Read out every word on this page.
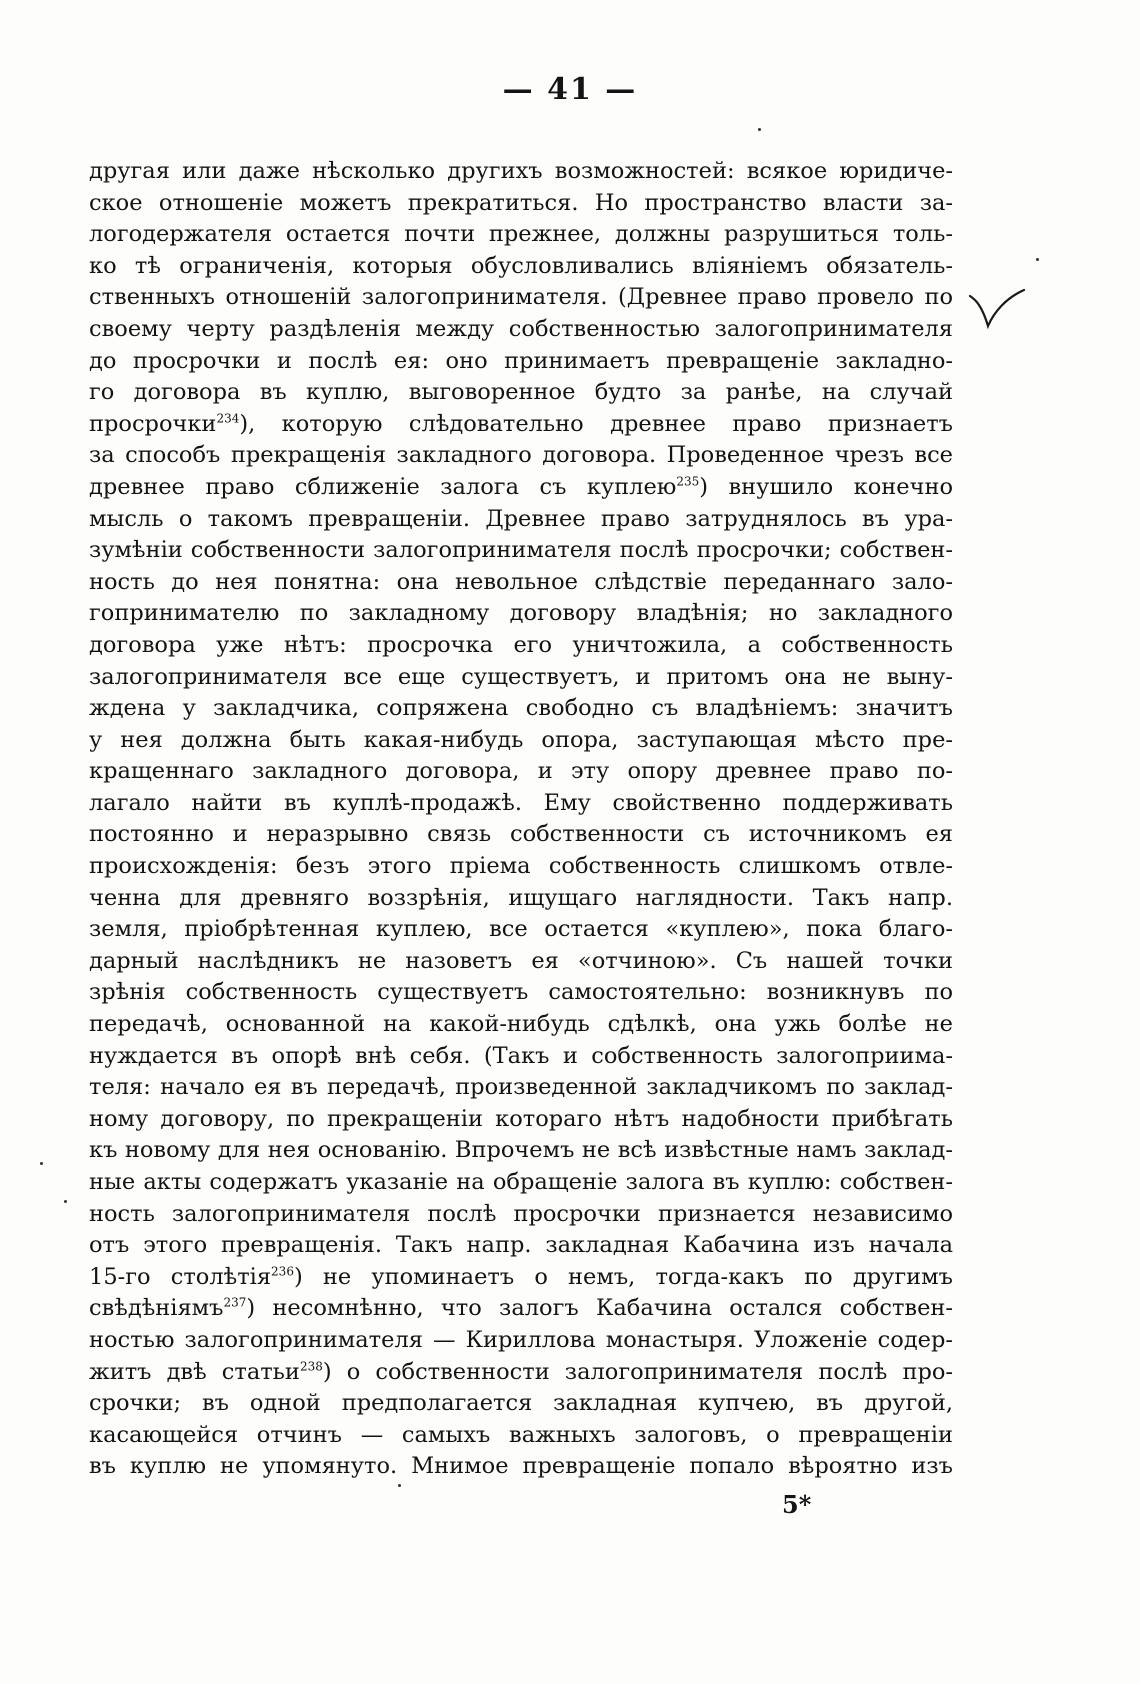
— 41 —
другая или даже нѣсколько другихъ возможностей: всякое юридиче-
ское отношеніе можетъ прекратиться. Но пространство власти за-
логодержателя остается почти прежнее, должны разрушиться толь-
ко тѣ ограниченія, которыя обусловливались вліяніемъ обязатель-
ственныхъ отношеній залогопринимателя. (Древнее право провело по
своему черту раздѣленія между собственностью залогопринимателя
до просрочки и послѣ ея: оно принимаетъ превращеніе закладно-
го договора въ куплю, выговоренное будто за ранѣе, на случай
просрочки$^{234}$), которую слѣдовательно древнее право признаетъ
за способъ прекращенія закладного договора. Проведенное чрезъ все
древнее право сближеніе залога съ куплею$^{235}$) внушило конечно
мысль о такомъ превращеніи. Древнее право затруднялось въ ура-
зумѣніи собственности залогопринимателя послѣ просрочки; собствен-
ность до нея понятна: она невольное слѣдствіе переданнаго зало-
гопринимателю по закладному договору владѣнія; но закладного
договора уже нѣтъ: просрочка его уничтожила, а собственность
залогопринимателя все еще существуетъ, и притомъ она не выну-
ждена у закладчика, сопряжена свободно съ владѣніемъ: значитъ
у нея должна быть какая-нибудь опора, заступающая мѣсто пре-
кращеннаго закладного договора, и эту опору древнее право по-
лагало найти въ куплѣ-продажѣ. Ему свойственно поддерживать
постоянно и неразрывно связь собственности съ источникомъ ея
происхожденія: безъ этого пріема собственность слишкомъ отвле-
ченна для древняго воззрѣнія, ищущаго наглядности. Такъ напр.
земля, пріобрѣтенная куплею, все остается «куплею», пока благо-
дарный наслѣдникъ не назоветъ ея «отчиною». Съ нашей точки
зрѣнія собственность существуетъ самостоятельно: возникнувъ по
передачѣ, основанной на какой-нибудь сдѣлкѣ, она ужь болѣе не
нуждается въ опорѣ внѣ себя. (Такъ и собственность залогоприима-
теля: начало ея въ передачѣ, произведенной закладчикомъ по заклад-
ному договору, по прекращеніи котораго нѣтъ надобности прибѣгать
къ новому для нея основанію. Впрочемъ не всѣ извѣстные намъ заклад-
ные акты содержатъ указаніе на обращеніе залога въ куплю: собствен-
ность залогопринимателя послѣ просрочки признается независимо
отъ этого превращенія. Такъ напр. закладная Кабачина изъ начала
15-го столѣтія$^{236}$) не упоминаетъ о немъ, тогда-какъ по другимъ
свѣдѣніямъ$^{237}$) несомнѣнно, что залогъ Кабачина остался собствен-
ностью залогопринимателя — Кириллова монастыря. Уложеніе содер-
житъ двѣ статьи$^{238}$) о собственности залогопринимателя послѣ про-
срочки; въ одной предполагается закладная купчею, въ другой,
касающейся отчинъ — самыхъ важныхъ залоговъ, о превращеніи
въ куплю не упомянуто. Мнимое превращеніе попало вѣроятно изъ
5*
